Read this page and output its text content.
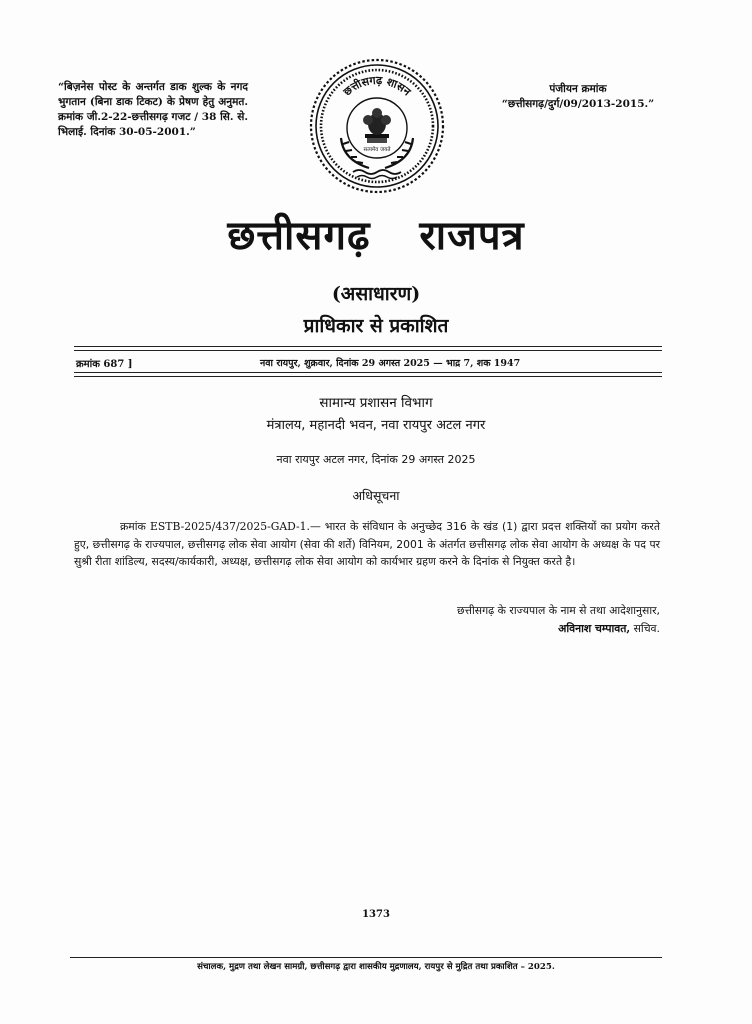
“बिज़नेस पोस्ट के अन्तर्गत डाक शुल्क के नगद भुगतान (बिना डाक टिकट) के प्रेषण हेतु अनुमत. क्रमांक जी.2-22-छत्तीसगढ़ गजट / 38 सि. से. भिलाई. दिनांक 30-05-2001.”
पंजीयन क्रमांक
“छत्तीसगढ़/दुर्ग/09/2013-2015.”
छत्तीसगढ़ शासन
सत्यमेव जयते
छत्तीसगढ़ राजपत्र
(असाधारण)
प्राधिकार से प्रकाशित
क्रमांक 687 ]	नवा रायपुर, शुक्रवार, दिनांक 29 अगस्त 2025 — भाद्र 7, शक 1947
सामान्य प्रशासन विभाग
मंत्रालय, महानदी भवन, नवा रायपुर अटल नगर
नवा रायपुर अटल नगर, दिनांक 29 अगस्त 2025
अधिसूचना
क्रमांक ESTB-2025/437/2025-GAD-1.— भारत के संविधान के अनुच्छेद 316 के खंड (1) द्वारा प्रदत्त शक्तियों का प्रयोग करते हुए, छत्तीसगढ़ के राज्यपाल, छत्तीसगढ़ लोक सेवा आयोग (सेवा की शर्ते) विनियम, 2001 के अंतर्गत छत्तीसगढ़ लोक सेवा आयोग के अध्यक्ष के पद पर सुश्री रीता शांडिल्य, सदस्य/कार्यकारी, अध्यक्ष, छत्तीसगढ़ लोक सेवा आयोग को कार्यभार ग्रहण करने के दिनांक से नियुक्त करते है।
छत्तीसगढ़ के राज्यपाल के नाम से तथा आदेशानुसार,
अविनाश चम्पावत, सचिव.
1373
संचालक, मुद्रण तथा लेखन सामग्री, छत्तीसगढ़ द्वारा शासकीय मुद्रणालय, रायपुर से मुद्रित तथा प्रकाशित – 2025.
